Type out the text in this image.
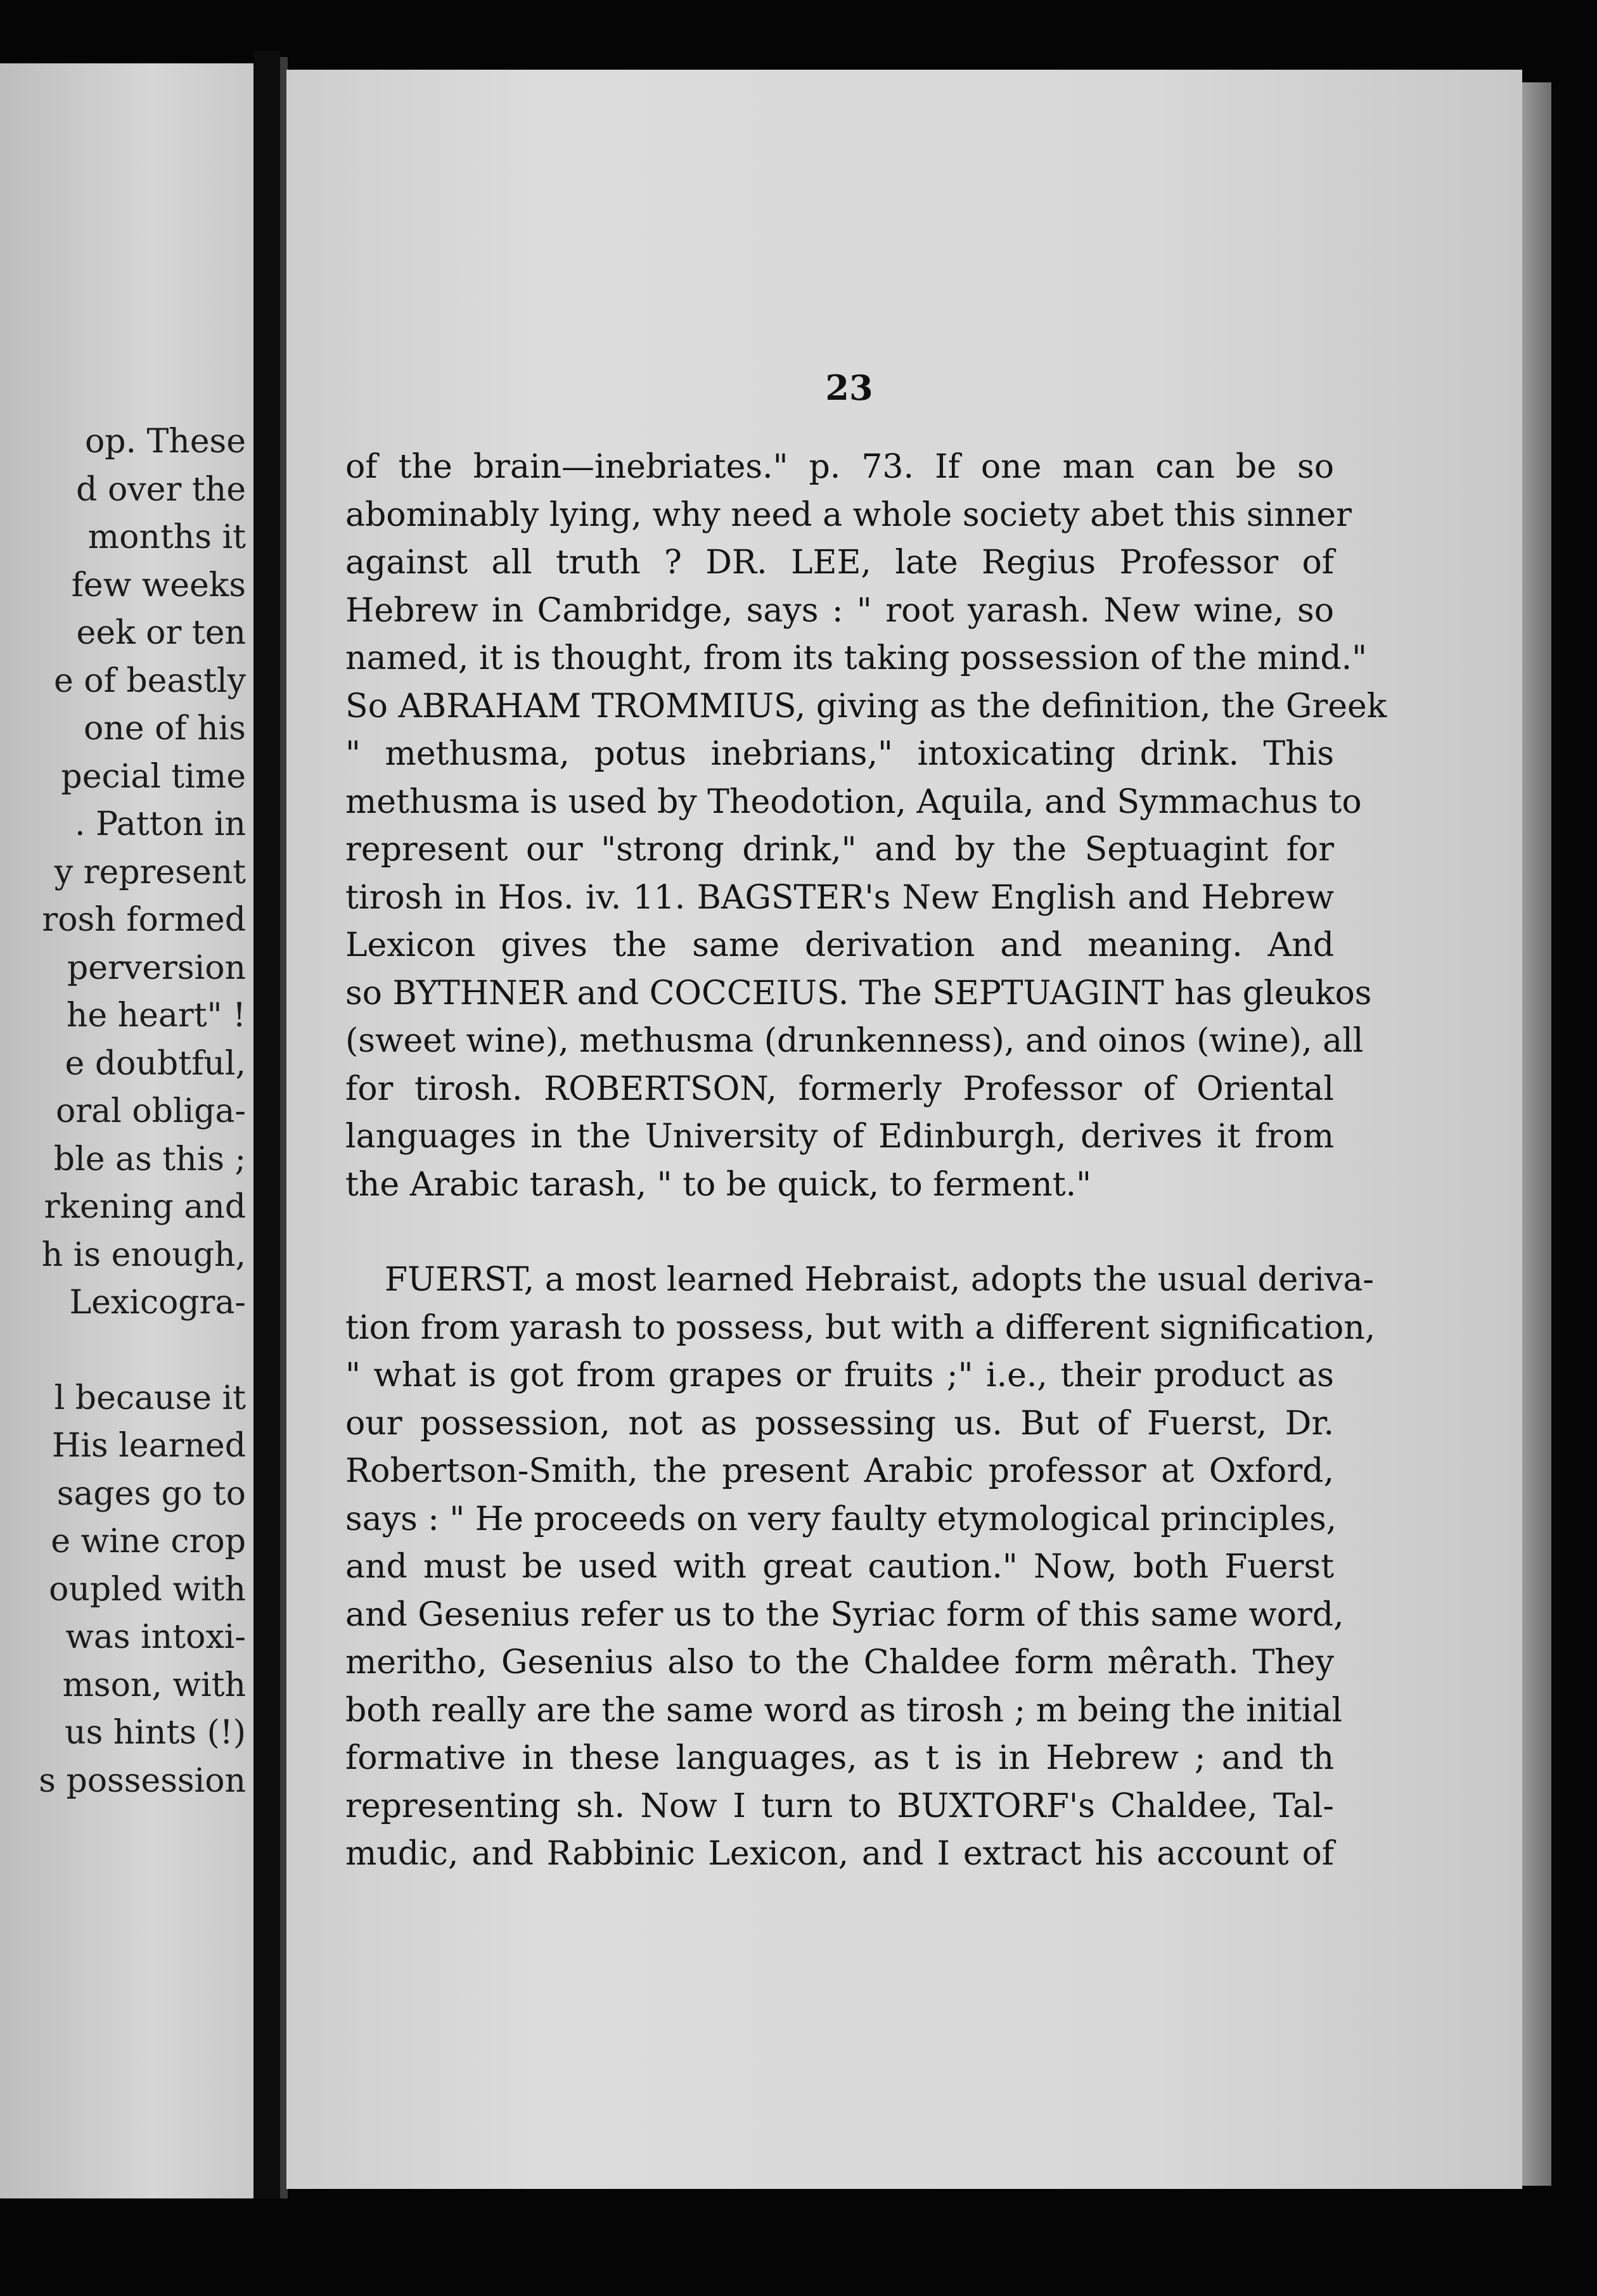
op. These
d over the
months it
few weeks
eek or ten
e of beastly
one of his
pecial time
. Patton in
y represent
rosh formed
perversion
he heart" !
e doubtful,
oral obliga-
ble as this ;
rkening and
h is enough,
Lexicogra-
l because it
His learned
sages go to
e wine crop
oupled with
was intoxi-
mson, with
us hints (!)
s possession
23
of the brain—inebriates." p. 73. If one man can be so
abominably lying, why need a whole society abet this sinner
against all truth ? DR. LEE, late Regius Professor of
Hebrew in Cambridge, says : " root yarash. New wine, so
named, it is thought, from its taking possession of the mind."
So ABRAHAM TROMMIUS, giving as the definition, the Greek
" methusma, potus inebrians," intoxicating drink. This
methusma is used by Theodotion, Aquila, and Symmachus to
represent our "strong drink," and by the Septuagint for
tirosh in Hos. iv. 11. BAGSTER's New English and Hebrew
Lexicon gives the same derivation and meaning. And
so BYTHNER and COCCEIUS. The SEPTUAGINT has gleukos
(sweet wine), methusma (drunkenness), and oinos (wine), all
for tirosh. ROBERTSON, formerly Professor of Oriental
languages in the University of Edinburgh, derives it from
the Arabic tarash, " to be quick, to ferment."
FUERST, a most learned Hebraist, adopts the usual deriva-
tion from yarash to possess, but with a different signification,
" what is got from grapes or fruits ;" i.e., their product as
our possession, not as possessing us. But of Fuerst, Dr.
Robertson-Smith, the present Arabic professor at Oxford,
says : " He proceeds on very faulty etymological principles,
and must be used with great caution." Now, both Fuerst
and Gesenius refer us to the Syriac form of this same word,
meritho, Gesenius also to the Chaldee form mêrath. They
both really are the same word as tirosh ; m being the initial
formative in these languages, as t is in Hebrew ; and th
representing sh. Now I turn to BUXTORF's Chaldee, Tal-
mudic, and Rabbinic Lexicon, and I extract his account of
